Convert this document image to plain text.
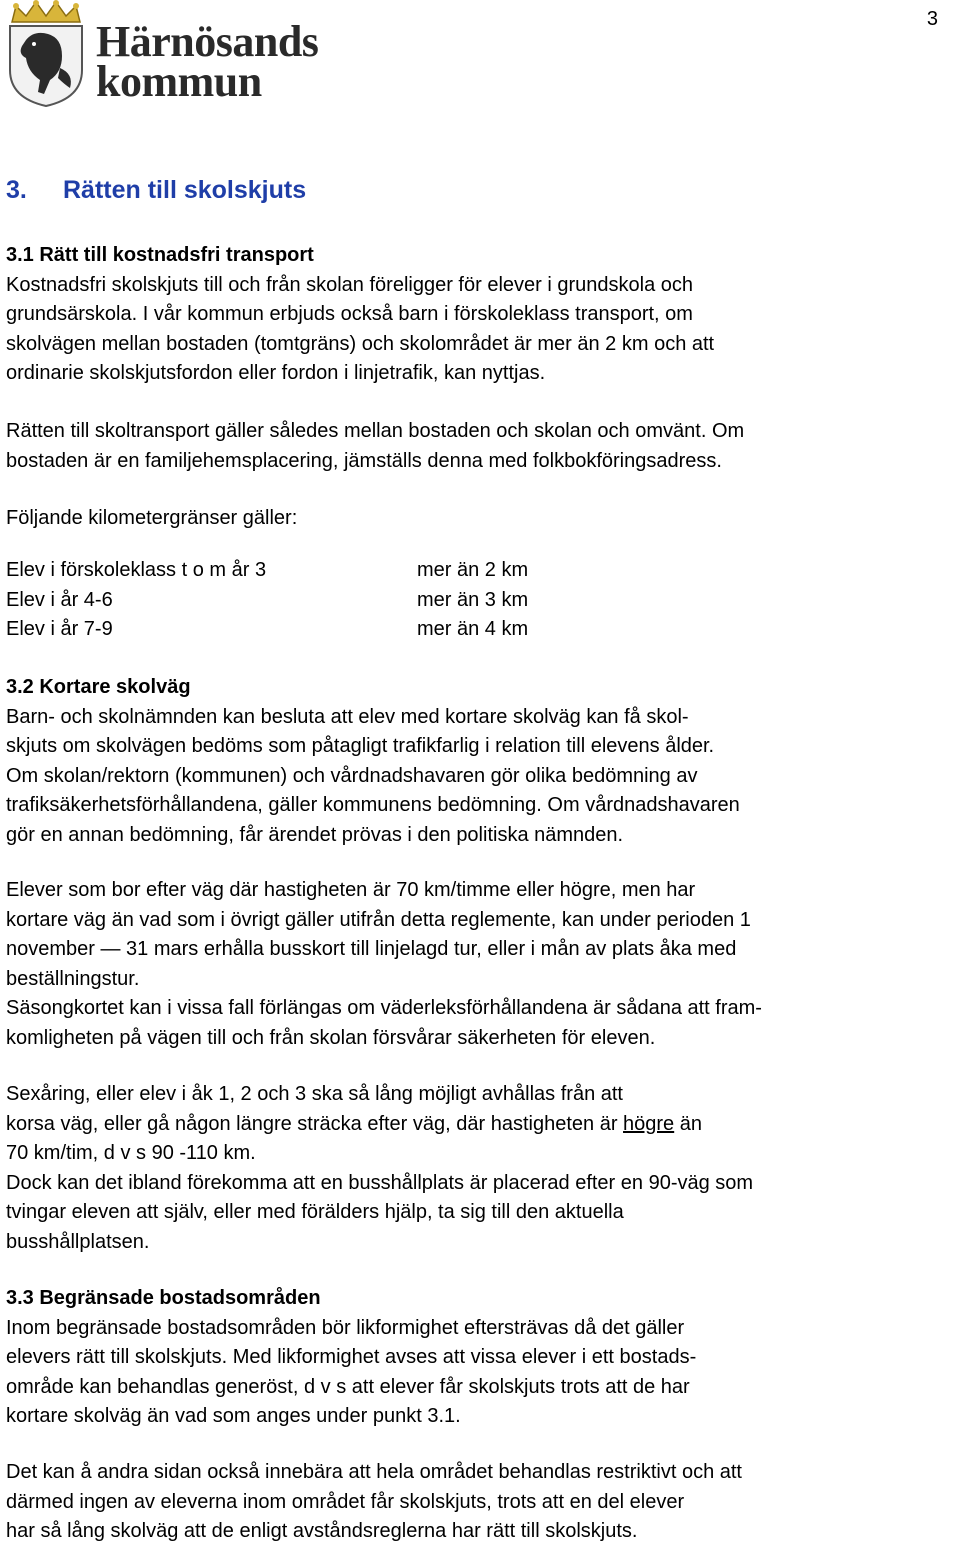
3
Härnösands
kommun
3. Rätten till skolskjuts
3.1 Rätt till kostnadsfri transport

Kostnadsfri skolskjuts till och från skolan föreligger för elever i grundskola och
grundsärskola. I vår kommun erbjuds också barn i förskoleklass transport, om
skolvägen mellan bostaden (tomtgräns) och skolområdet är mer än 2 km och att
ordinarie skolskjutsfordon eller fordon i linjetrafik, kan nyttjas.

Rätten till skoltransport gäller således mellan bostaden och skolan och omvänt. Om
bostaden är en familjehemsplacering, jämställs denna med folkbokföringsadress.
Följande kilometergränser gäller:
Elev i förskoleklass t o m år 3	mer än 2 km
Elev i år 4-6	mer än 3 km
Elev i år 7-9	mer än 4 km
3.2 Kortare skolväg
Barn- och skolnämnden kan besluta att elev med kortare skolväg kan få skol-
skjuts om skolvägen bedöms som påtagligt trafikfarlig i relation till elevens ålder.
Om skolan/rektorn (kommunen) och vårdnadshavaren gör olika bedömning av
trafiksäkerhetsförhållandena, gäller kommunens bedömning. Om vårdnadshavaren
gör en annan bedömning, får ärendet prövas i den politiska nämnden.
Elever som bor efter väg där hastigheten är 70 km/timme eller högre, men har
kortare väg än vad som i övrigt gäller utifrån detta reglemente, kan under perioden 1
november — 31 mars erhålla busskort till linjelagd tur, eller i mån av plats åka med
beställningstur.
Säsongkortet kan i vissa fall förlängas om väderleksförhållandena är sådana att fram-
komligheten på vägen till och från skolan försvårar säkerheten för eleven.
Sexåring, eller elev i åk 1, 2 och 3 ska så lång möjligt avhållas från att
korsa väg, eller gå någon längre sträcka efter väg, där hastigheten är högre än
70 km/tim, d v s 90 -110 km.
Dock kan det ibland förekomma att en busshållplats är placerad efter en 90-väg som
tvingar eleven att själv, eller med förälders hjälp, ta sig till den aktuella
busshållplatsen.
3.3 Begränsade bostadsområden
Inom begränsade bostadsområden bör likformighet eftersträvas då det gäller
elevers rätt till skolskjuts. Med likformighet avses att vissa elever i ett bostads-
område kan behandlas generöst, d v s att elever får skolskjuts trots att de har
kortare skolväg än vad som anges under punkt 3.1.
Det kan å andra sidan också innebära att hela området behandlas restriktivt och att
därmed ingen av eleverna inom området får skolskjuts, trots att en del elever
har så lång skolväg att de enligt avståndsreglerna har rätt till skolskjuts.
